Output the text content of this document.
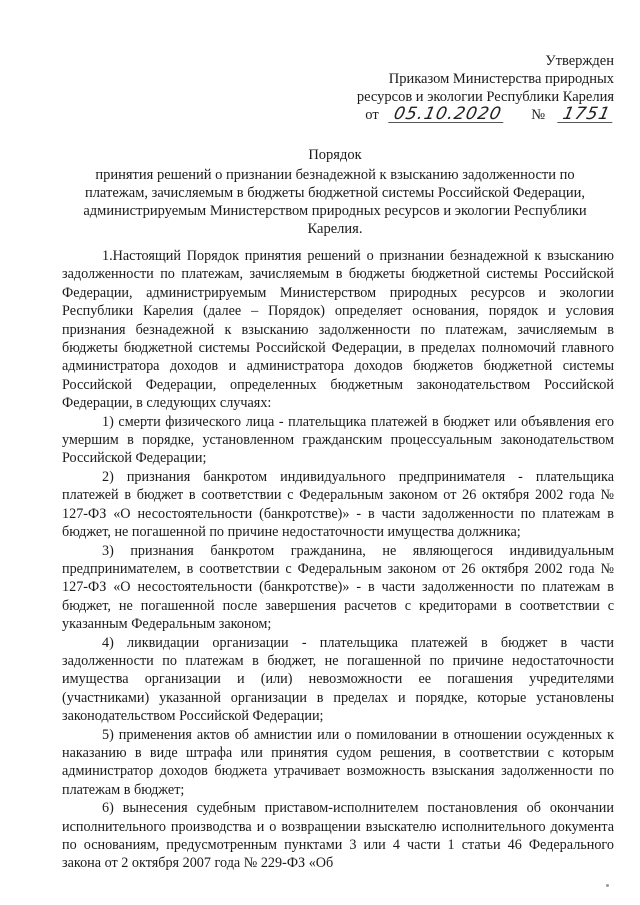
Утвержден
Приказом Министерства природных
ресурсов и экологии Республики Карелия
от 05.10.2020 № 1751
Порядок
принятия решений о признании безнадежной к взысканию задолженности по платежам, зачисляемым в бюджеты бюджетной системы Российской Федерации, администрируемым Министерством природных ресурсов и экологии Республики Карелия.

1.Настоящий Порядок принятия решений о признании безнадежной к взысканию задолженности по платежам, зачисляемым в бюджеты бюджетной системы Российской Федерации, администрируемым Министерством природных ресурсов и экологии Республики Карелия (далее – Порядок) определяет основания, порядок и условия признания безнадежной к взысканию задолженности по платежам, зачисляемым в бюджеты бюджетной системы Российской Федерации, в пределах полномочий главного администратора доходов и администратора доходов бюджетов бюджетной системы Российской Федерации, определенных бюджетным законодательством Российской Федерации, в следующих случаях:

1) смерти физического лица - плательщика платежей в бюджет или объявления его умершим в порядке, установленном гражданским процессуальным законодательством Российской Федерации;

2) признания банкротом индивидуального предпринимателя - плательщика платежей в бюджет в соответствии с Федеральным законом от 26 октября 2002 года № 127-ФЗ «О несостоятельности (банкротстве)» - в части задолженности по платежам в бюджет, не погашенной по причине недостаточности имущества должника;

3) признания банкротом гражданина, не являющегося индивидуальным предпринимателем, в соответствии с Федеральным законом от 26 октября 2002 года № 127-ФЗ «О несостоятельности (банкротстве)» - в части задолженности по платежам в бюджет, не погашенной после завершения расчетов с кредиторами в соответствии с указанным Федеральным законом;

4) ликвидации организации - плательщика платежей в бюджет в части задолженности по платежам в бюджет, не погашенной по причине недостаточности имущества организации и (или) невозможности ее погашения учредителями (участниками) указанной организации в пределах и порядке, которые установлены законодательством Российской Федерации;

5) применения актов об амнистии или о помиловании в отношении осужденных к наказанию в виде штрафа или принятия судом решения, в соответствии с которым администратор доходов бюджета утрачивает возможность взыскания задолженности по платежам в бюджет;

6) вынесения судебным приставом-исполнителем постановления об окончании исполнительного производства и о возвращении взыскателю исполнительного документа по основаниям, предусмотренным пунктами 3 или 4 части 1 статьи 46 Федерального закона от 2 октября 2007 года № 229-ФЗ «Об
